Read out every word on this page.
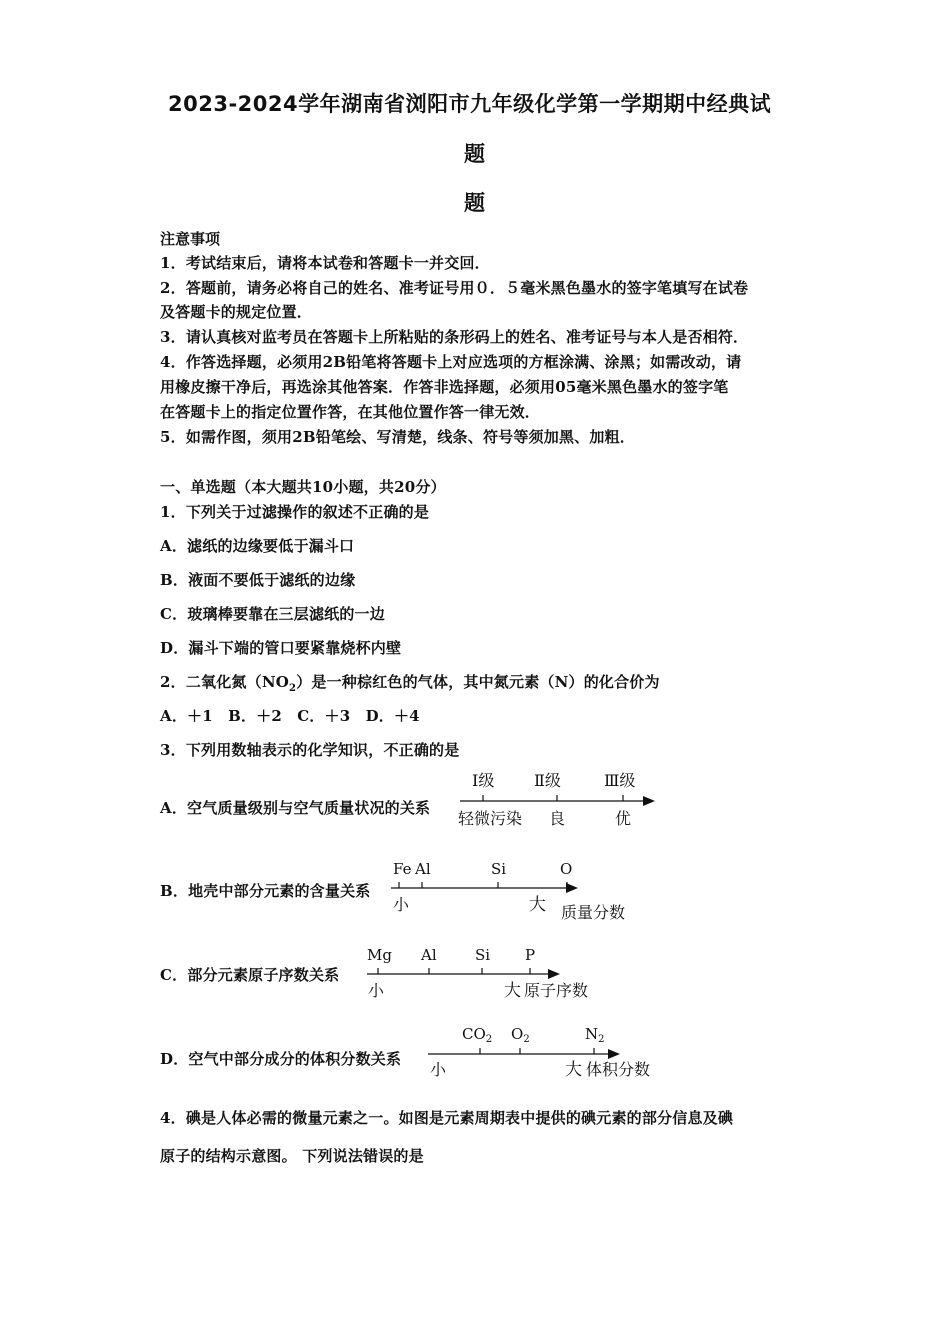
2023-2024学年湖南省浏阳市九年级化学第一学期期中经典试
题
题
注意事项
1．考试结束后，请将本试卷和答题卡一并交回．
2．答题前，请务必将自己的姓名、准考证号用０．５毫米黑色墨水的签字笔填写在试卷
及答题卡的规定位置．
3．请认真核对监考员在答题卡上所粘贴的条形码上的姓名、准考证号与本人是否相符．
4．作答选择题，必须用2B铅笔将答题卡上对应选项的方框涂满、涂黑；如需改动，请
用橡皮擦干净后，再选涂其他答案．作答非选择题，必须用05毫米黑色墨水的签字笔
在答题卡上的指定位置作答，在其他位置作答一律无效．
5．如需作图，须用2B铅笔绘、写清楚，线条、符号等须加黑、加粗．
一、单选题（本大题共10小题，共20分）
1．下列关于过滤操作的叙述不正确的是
A．滤纸的边缘要低于漏斗口
B．液面不要低于滤纸的边缘
C．玻璃棒要靠在三层滤纸的一边
D．漏斗下端的管口要紧靠烧杯内壁
2．二氧化氮$(NO_2)$是一种棕红色的气体，其中氮元素（N）的化合价为
A．＋1　B．＋2　C．＋3　D．＋4
3．下列用数轴表示的化学知识，不正确的是
A．空气质量级别与空气质量状况的关系
Ⅰ级 Ⅱ级	Ⅲ级
轻微污染 良	优
B．地壳中部分元素的含量关系
Fe Al	Si	O
小	大 质量分数
C．部分元素原子序数关系
Mg Al	Si P
小	大 原子序数
D．空气中部分成分的体积分数关系
$CO_2$ $O_2$	$N_2$
小	大 体积分数
4．碘是人体必需的微量元素之一。如图是元素周期表中提供的碘元素的部分信息及碘
原子的结构示意图。 下列说法错误的是
